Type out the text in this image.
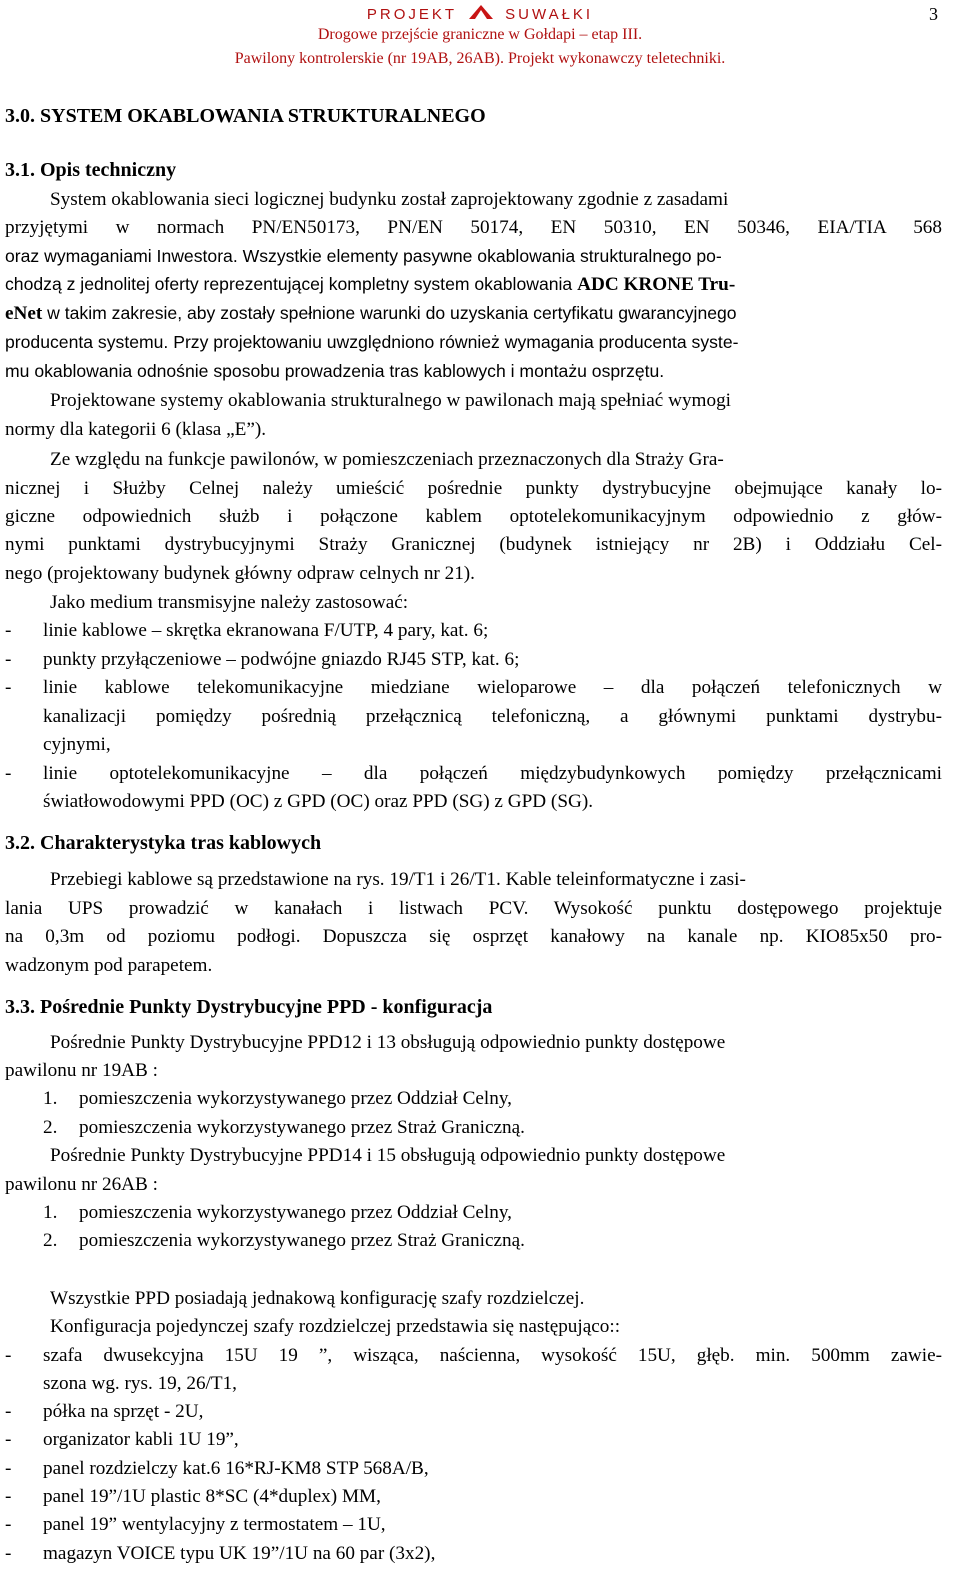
PROJEKT	SUWAŁKI	3
Drogowe przejście graniczne w Gołdapi – etap III.
Pawilony kontrolerskie (nr 19AB, 26AB). Projekt wykonawczy teletechniki.
3.0. SYSTEM OKABLOWANIA STRUKTURALNEGO
3.1. Opis techniczny
System okablowania sieci logicznej budynku został zaprojektowany zgodnie z zasadami
przyjętymi w normach PN/EN50173, PN/EN 50174, EN 50310, EN 50346, EIA/TIA 568
oraz wymaganiami Inwestora. Wszystkie elementy pasywne okablowania strukturalnego po-
chodzą z jednolitej oferty reprezentującej kompletny system okablowania ADC KRONE Tru-
eNet w takim zakresie, aby zostały spełnione warunki do uzyskania certyfikatu gwarancyjnego
producenta systemu. Przy projektowaniu uwzględniono również wymagania producenta syste-
mu okablowania odnośnie sposobu prowadzenia tras kablowych i montażu osprzętu.
Projektowane systemy okablowania strukturalnego w pawilonach mają spełniać wymogi
normy dla kategorii 6 (klasa „E”).
Ze względu na funkcje pawilonów, w pomieszczeniach przeznaczonych dla Straży Gra-
nicznej i Służby Celnej należy umieścić pośrednie punkty dystrybucyjne obejmujące kanały lo-
giczne odpowiednich służb i połączone kablem optotelekomunikacyjnym odpowiednio z głów-
nymi punktami dystrybucyjnymi Straży Granicznej (budynek istniejący nr 2B) i Oddziału Cel-
nego (projektowany budynek główny odpraw celnych nr 21).
Jako medium transmisyjne należy zastosować:
- linie kablowe – skrętka ekranowana F/UTP, 4 pary, kat. 6;
- punkty przyłączeniowe – podwójne gniazdo RJ45 STP, kat. 6;
- linie kablowe telekomunikacyjne miedziane wieloparowe – dla połączeń telefonicznych w
kanalizacji pomiędzy pośrednią przełącznicą telefoniczną, a głównymi punktami dystrybu-
cyjnymi,
- linie optotelekomunikacyjne – dla połączeń międzybudynkowych pomiędzy przełącznicami
światłowodowymi PPD (OC) z GPD (OC) oraz PPD (SG) z GPD (SG).
3.2. Charakterystyka tras kablowych
Przebiegi kablowe są przedstawione na rys. 19/T1 i 26/T1. Kable teleinformatyczne i zasi-
lania UPS prowadzić w kanałach i listwach PCV. Wysokość punktu dostępowego projektuje
na 0,3m od poziomu podłogi. Dopuszcza się osprzęt kanałowy na kanale np. KIO85x50 pro-
wadzonym pod parapetem.
3.3. Pośrednie Punkty Dystrybucyjne PPD - konfiguracja
Pośrednie Punkty Dystrybucyjne PPD12 i 13 obsługują odpowiednio punkty dostępowe
pawilonu nr 19AB :
1. pomieszczenia wykorzystywanego przez Oddział Celny,
2. pomieszczenia wykorzystywanego przez Straż Graniczną.
Pośrednie Punkty Dystrybucyjne PPD14 i 15 obsługują odpowiednio punkty dostępowe
pawilonu nr 26AB :
1. pomieszczenia wykorzystywanego przez Oddział Celny,
2. pomieszczenia wykorzystywanego przez Straż Graniczną.
Wszystkie PPD posiadają jednakową konfigurację szafy rozdzielczej.
Konfiguracja pojedynczej szafy rozdzielczej przedstawia się następująco::
- szafa dwusekcyjna 15U 19 ”, wisząca, naścienna, wysokość 15U, głęb. min. 500mm zawie-
szona wg. rys. 19, 26/T1,
- półka na sprzęt - 2U,
- organizator kabli 1U 19”,
- panel rozdzielczy kat.6 16*RJ-KM8 STP 568A/B,
- panel 19”/1U plastic 8*SC (4*duplex) MM,
- panel 19” wentylacyjny z termostatem – 1U,
- magazyn VOICE typu UK 19”/1U na 60 par (3x2),
